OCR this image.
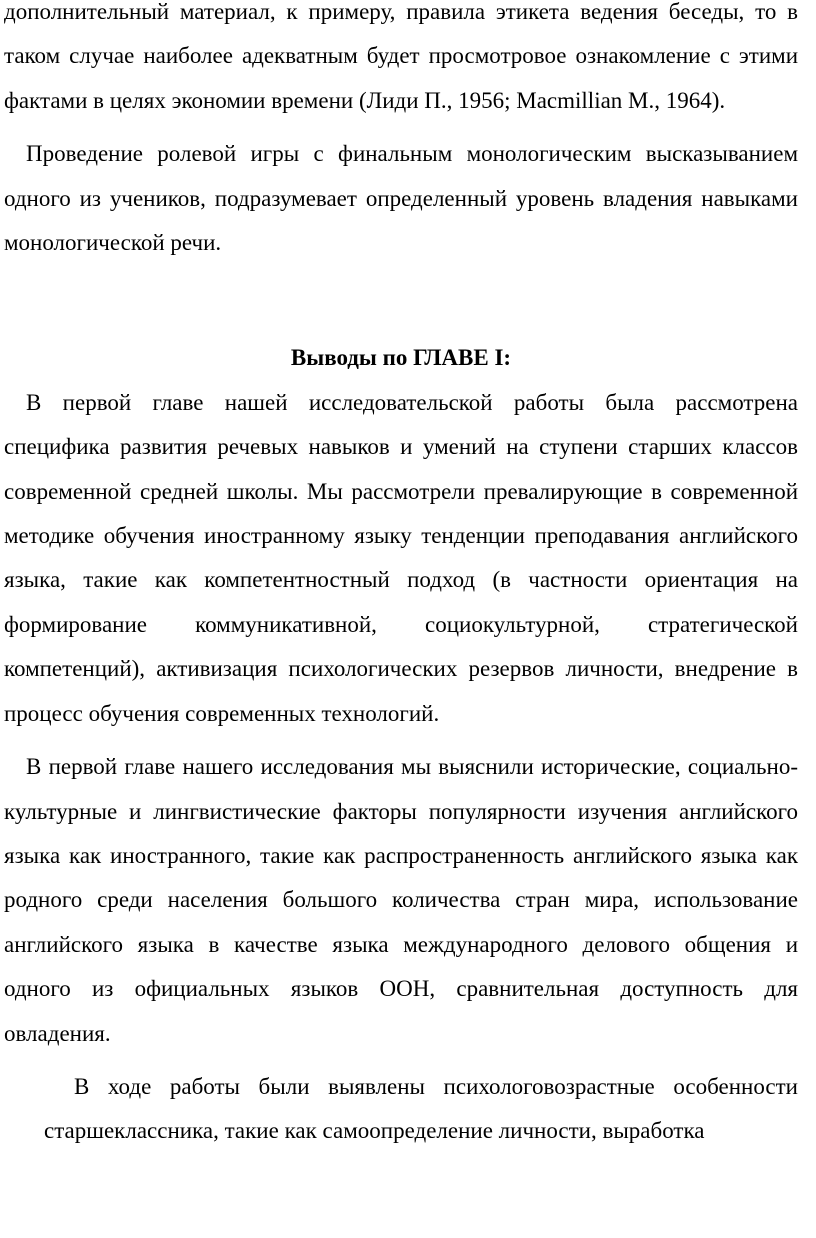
дополнительный материал, к примеру, правила этикета ведения беседы, то в таком случае наиболее адекватным будет просмотровое ознакомление с этими фактами в целях экономии времени (Лиди П., 1956; Macmillian M., 1964).

Проведение ролевой игры с финальным монологическим высказыванием одного из учеников, подразумевает определенный уровень владения навыками монологической речи.

Выводы по ГЛАВЕ I:

В первой главе нашей исследовательской работы была рассмотрена специфика развития речевых навыков и умений на ступени старших классов современной средней школы. Мы рассмотрели превалирующие в современной методике обучения иностранному языку тенденции преподавания английского языка, такие как компетентностный подход (в частности ориентация на формирование коммуникативной, социокультурной, стратегической компетенций), активизация психологических резервов личности, внедрение в процесс обучения современных технологий.

В первой главе нашего исследования мы выяснили исторические, социально-культурные и лингвистические факторы популярности изучения английского языка как иностранного, такие как распространенность английского языка как родного среди населения большого количества стран мира, использование английского языка в качестве языка международного делового общения и одного из официальных языков ООН, сравнительная доступность для овладения.

В ходе работы были выявлены психологовозрастные особенности старшеклассника, такие как самоопределение личности, выработка
